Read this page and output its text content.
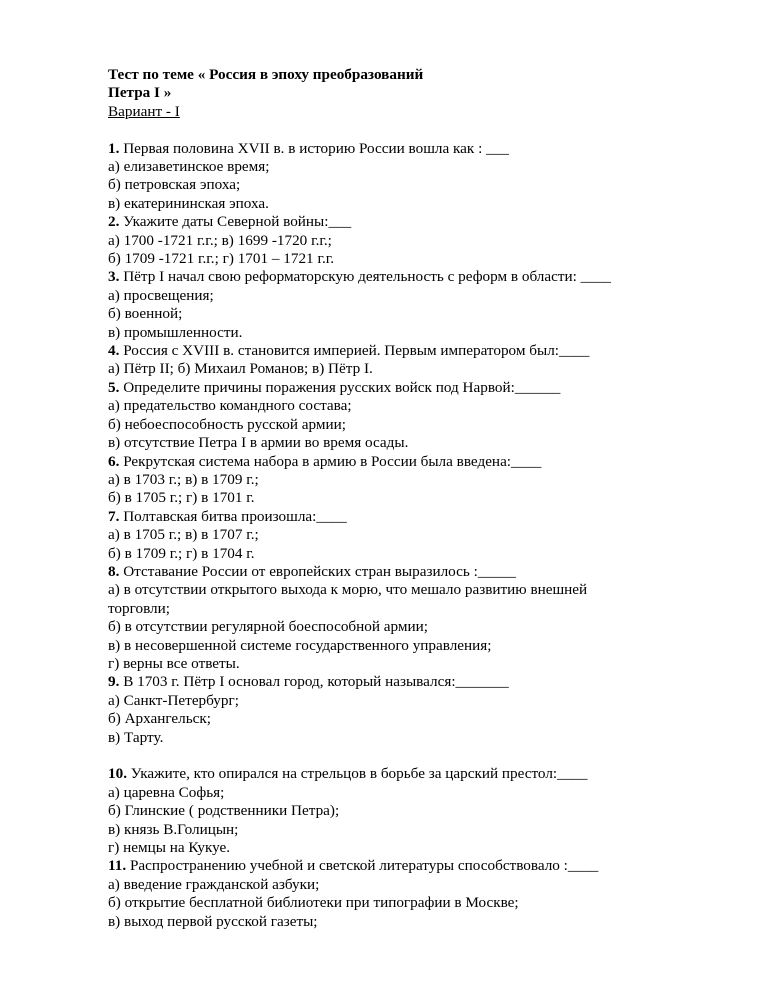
Тест по теме « Россия в эпоху преобразований

Петра I »

Вариант - I

1. Первая половина XVII в. в историю России вошла как : ___

а) елизаветинское время;

б) петровская эпоха;

в) екатерининская эпоха.

2. Укажите даты Северной войны:___

а) 1700 -1721 г.г.; в) 1699 -1720 г.г.;

б) 1709 -1721 г.г.; г) 1701 – 1721 г.г.

3. Пётр I начал свою реформаторскую деятельность с реформ в области: ____

а) просвещения;

б) военной;

в) промышленности.

4. Россия с XVIII в. становится империей. Первым императором был:____

а) Пётр II; б) Михаил Романов; в) Пётр I.

5. Определите причины поражения русских войск под Нарвой:______

а) предательство командного состава;

б) небоеспособность русской армии;

в) отсутствие Петра I в армии во время осады.

6. Рекрутская система набора в армию в России была введена:____

а) в 1703 г.; в) в 1709 г.;

б) в 1705 г.; г) в 1701 г.

7. Полтавская битва произошла:____

а) в 1705 г.; в) в 1707 г.;

б) в 1709 г.; г) в 1704 г.

8. Отставание России от европейских стран выразилось :_____

а) в отсутствии открытого выхода к морю, что мешало развитию внешней

торговли;

б) в отсутствии регулярной боеспособной армии;

в) в несовершенной системе государственного управления;

г) верны все ответы.

9. В 1703 г. Пётр I основал город, который назывался:_______

а) Санкт-Петербург;

б) Архангельск;

в) Тарту.

10. Укажите, кто опирался на стрельцов в борьбе за царский престол:____

а) царевна Софья;

б) Глинские ( родственники Петра);

в) князь В.Голицын;

г) немцы на Кукуе.

11. Распространению учебной и светской литературы способствовало :____

а) введение гражданской азбуки;

б) открытие бесплатной библиотеки при типографии в Москве;

в) выход первой русской газеты;
